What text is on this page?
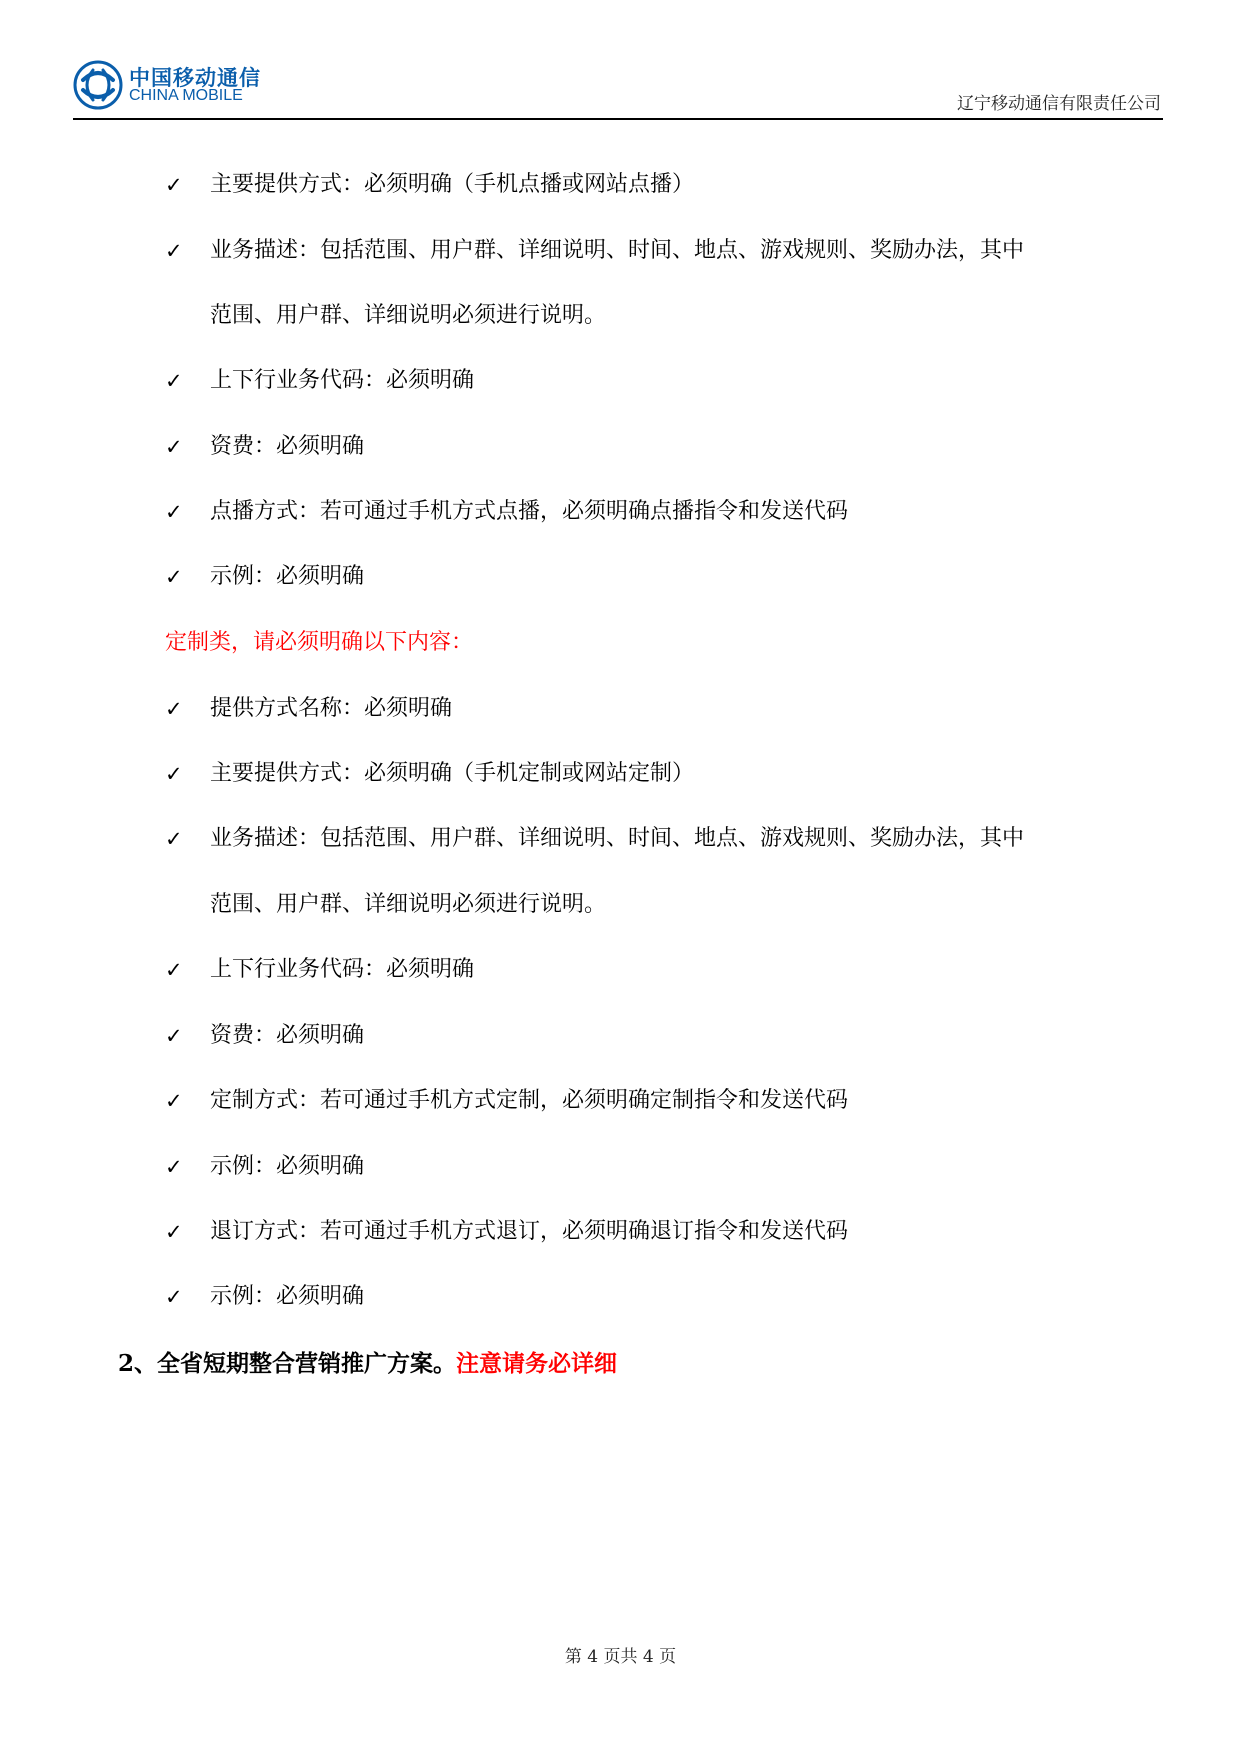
中国移动通信
CHINA MOBILE	辽宁移动通信有限责任公司
✓ 主要提供方式：必须明确（手机点播或网站点播）
✓ 业务描述：包括范围、用户群、详细说明、时间、地点、游戏规则、奖励办法，其中
范围、用户群、详细说明必须进行说明。
✓ 上下行业务代码：必须明确
✓ 资费：必须明确
✓ 点播方式：若可通过手机方式点播，必须明确点播指令和发送代码
✓ 示例：必须明确
定制类，请必须明确以下内容：
✓ 提供方式名称：必须明确
✓ 主要提供方式：必须明确（手机定制或网站定制）
✓ 业务描述：包括范围、用户群、详细说明、时间、地点、游戏规则、奖励办法，其中
范围、用户群、详细说明必须进行说明。
✓ 上下行业务代码：必须明确
✓ 资费：必须明确
✓ 定制方式：若可通过手机方式定制，必须明确定制指令和发送代码
✓ 示例：必须明确
✓ 退订方式：若可通过手机方式退订，必须明确退订指令和发送代码
✓ 示例：必须明确
2、全省短期整合营销推广方案。注意请务必详细
第 4 页共 4 页
